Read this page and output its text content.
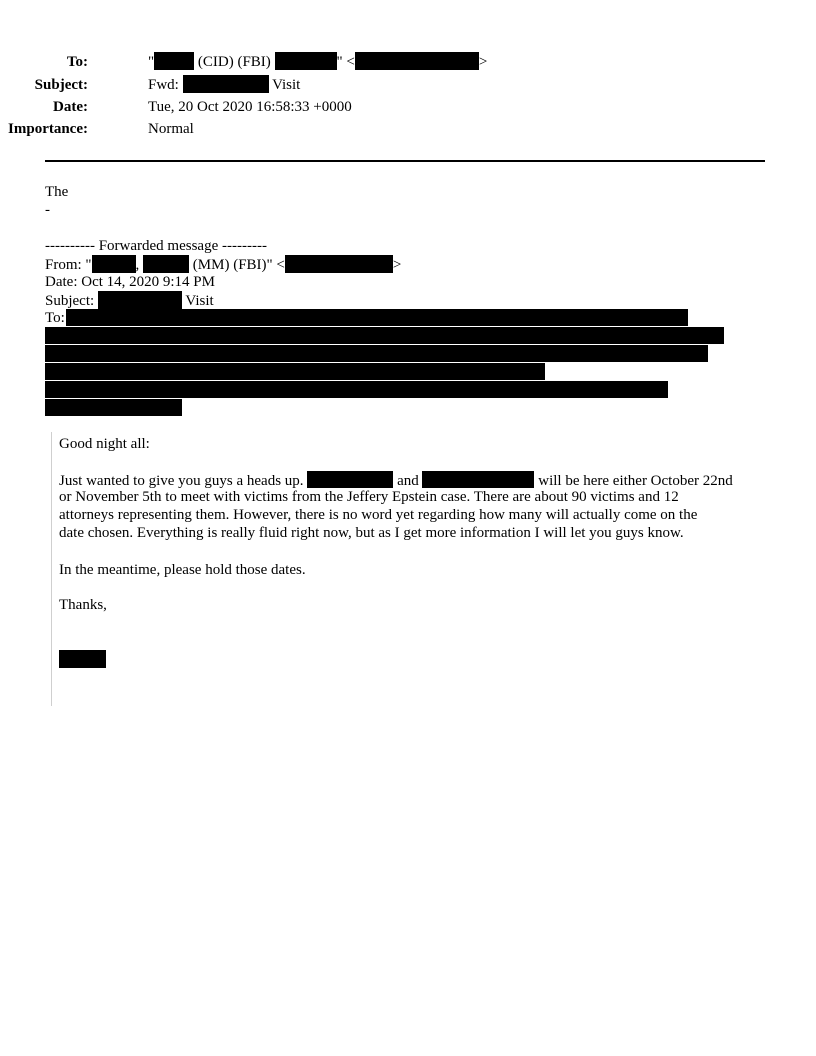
To:	"	(CID) (FBI)	" <	>
Subject:	Fwd:	Visit
Date:	Tue, 20 Oct 2020 16:58:33 +0000
Importance:	Normal
The
-
---------- Forwarded message ---------
From: "	,	(MM) (FBI)" <	>
Date: Oct 14, 2020 9:14 PM
Subject:	Visit
To:
Good night all:
Just wanted to give you guys a heads up.	and	will be here either October 22nd
or November 5th to meet with victims from the Jeffery Epstein case. There are about 90 victims and 12
attorneys representing them. However, there is no word yet regarding how many will actually come on the
date chosen. Everything is really fluid right now, but as I get more information I will let you guys know.
In the meantime, please hold those dates.
Thanks,
